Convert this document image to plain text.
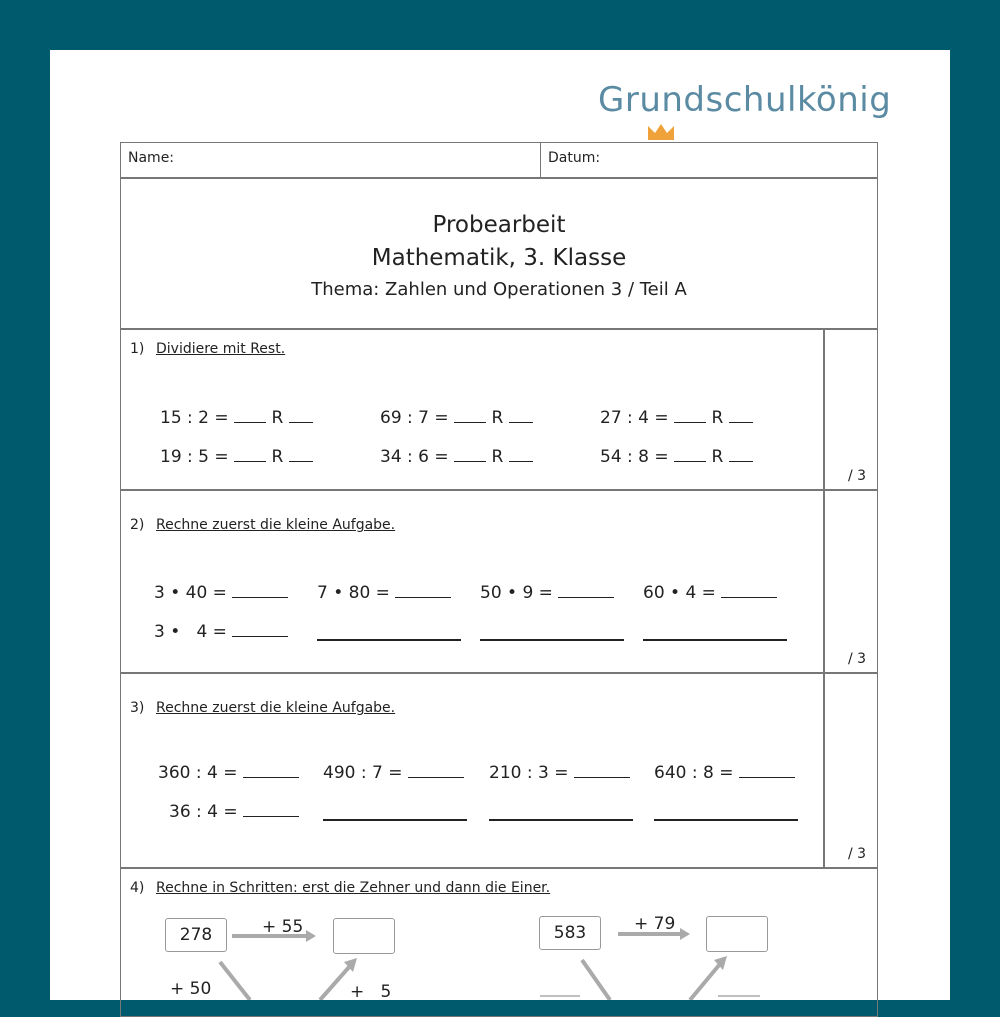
Grundschulkönig
Name:	Datum:
Probearbeit
Mathematik, 3. Klasse
Thema: Zahlen und Operationen 3 / Teil A
/ 3
/ 3
/ 3
1) Dividiere mit Rest.
15 : 2 =	R	69 : 7 =	R	27 : 4 =	R
19 : 5 =	R	34 : 6 =	R	54 : 8 =	R
2) Rechne zuerst die kleine Aufgabe.
3 • 40 =	7 • 80 =	50 • 9 =	60 • 4 =
3 •   4 =
3) Rechne zuerst die kleine Aufgabe.
360 : 4 =	490 : 7 =	210 : 3 =	640 : 8 =
36 : 4 =
4) Rechne in Schritten: erst die Zehner und dann die Einer.
278	+ 55
+ 50	+   5
583	+ 79
